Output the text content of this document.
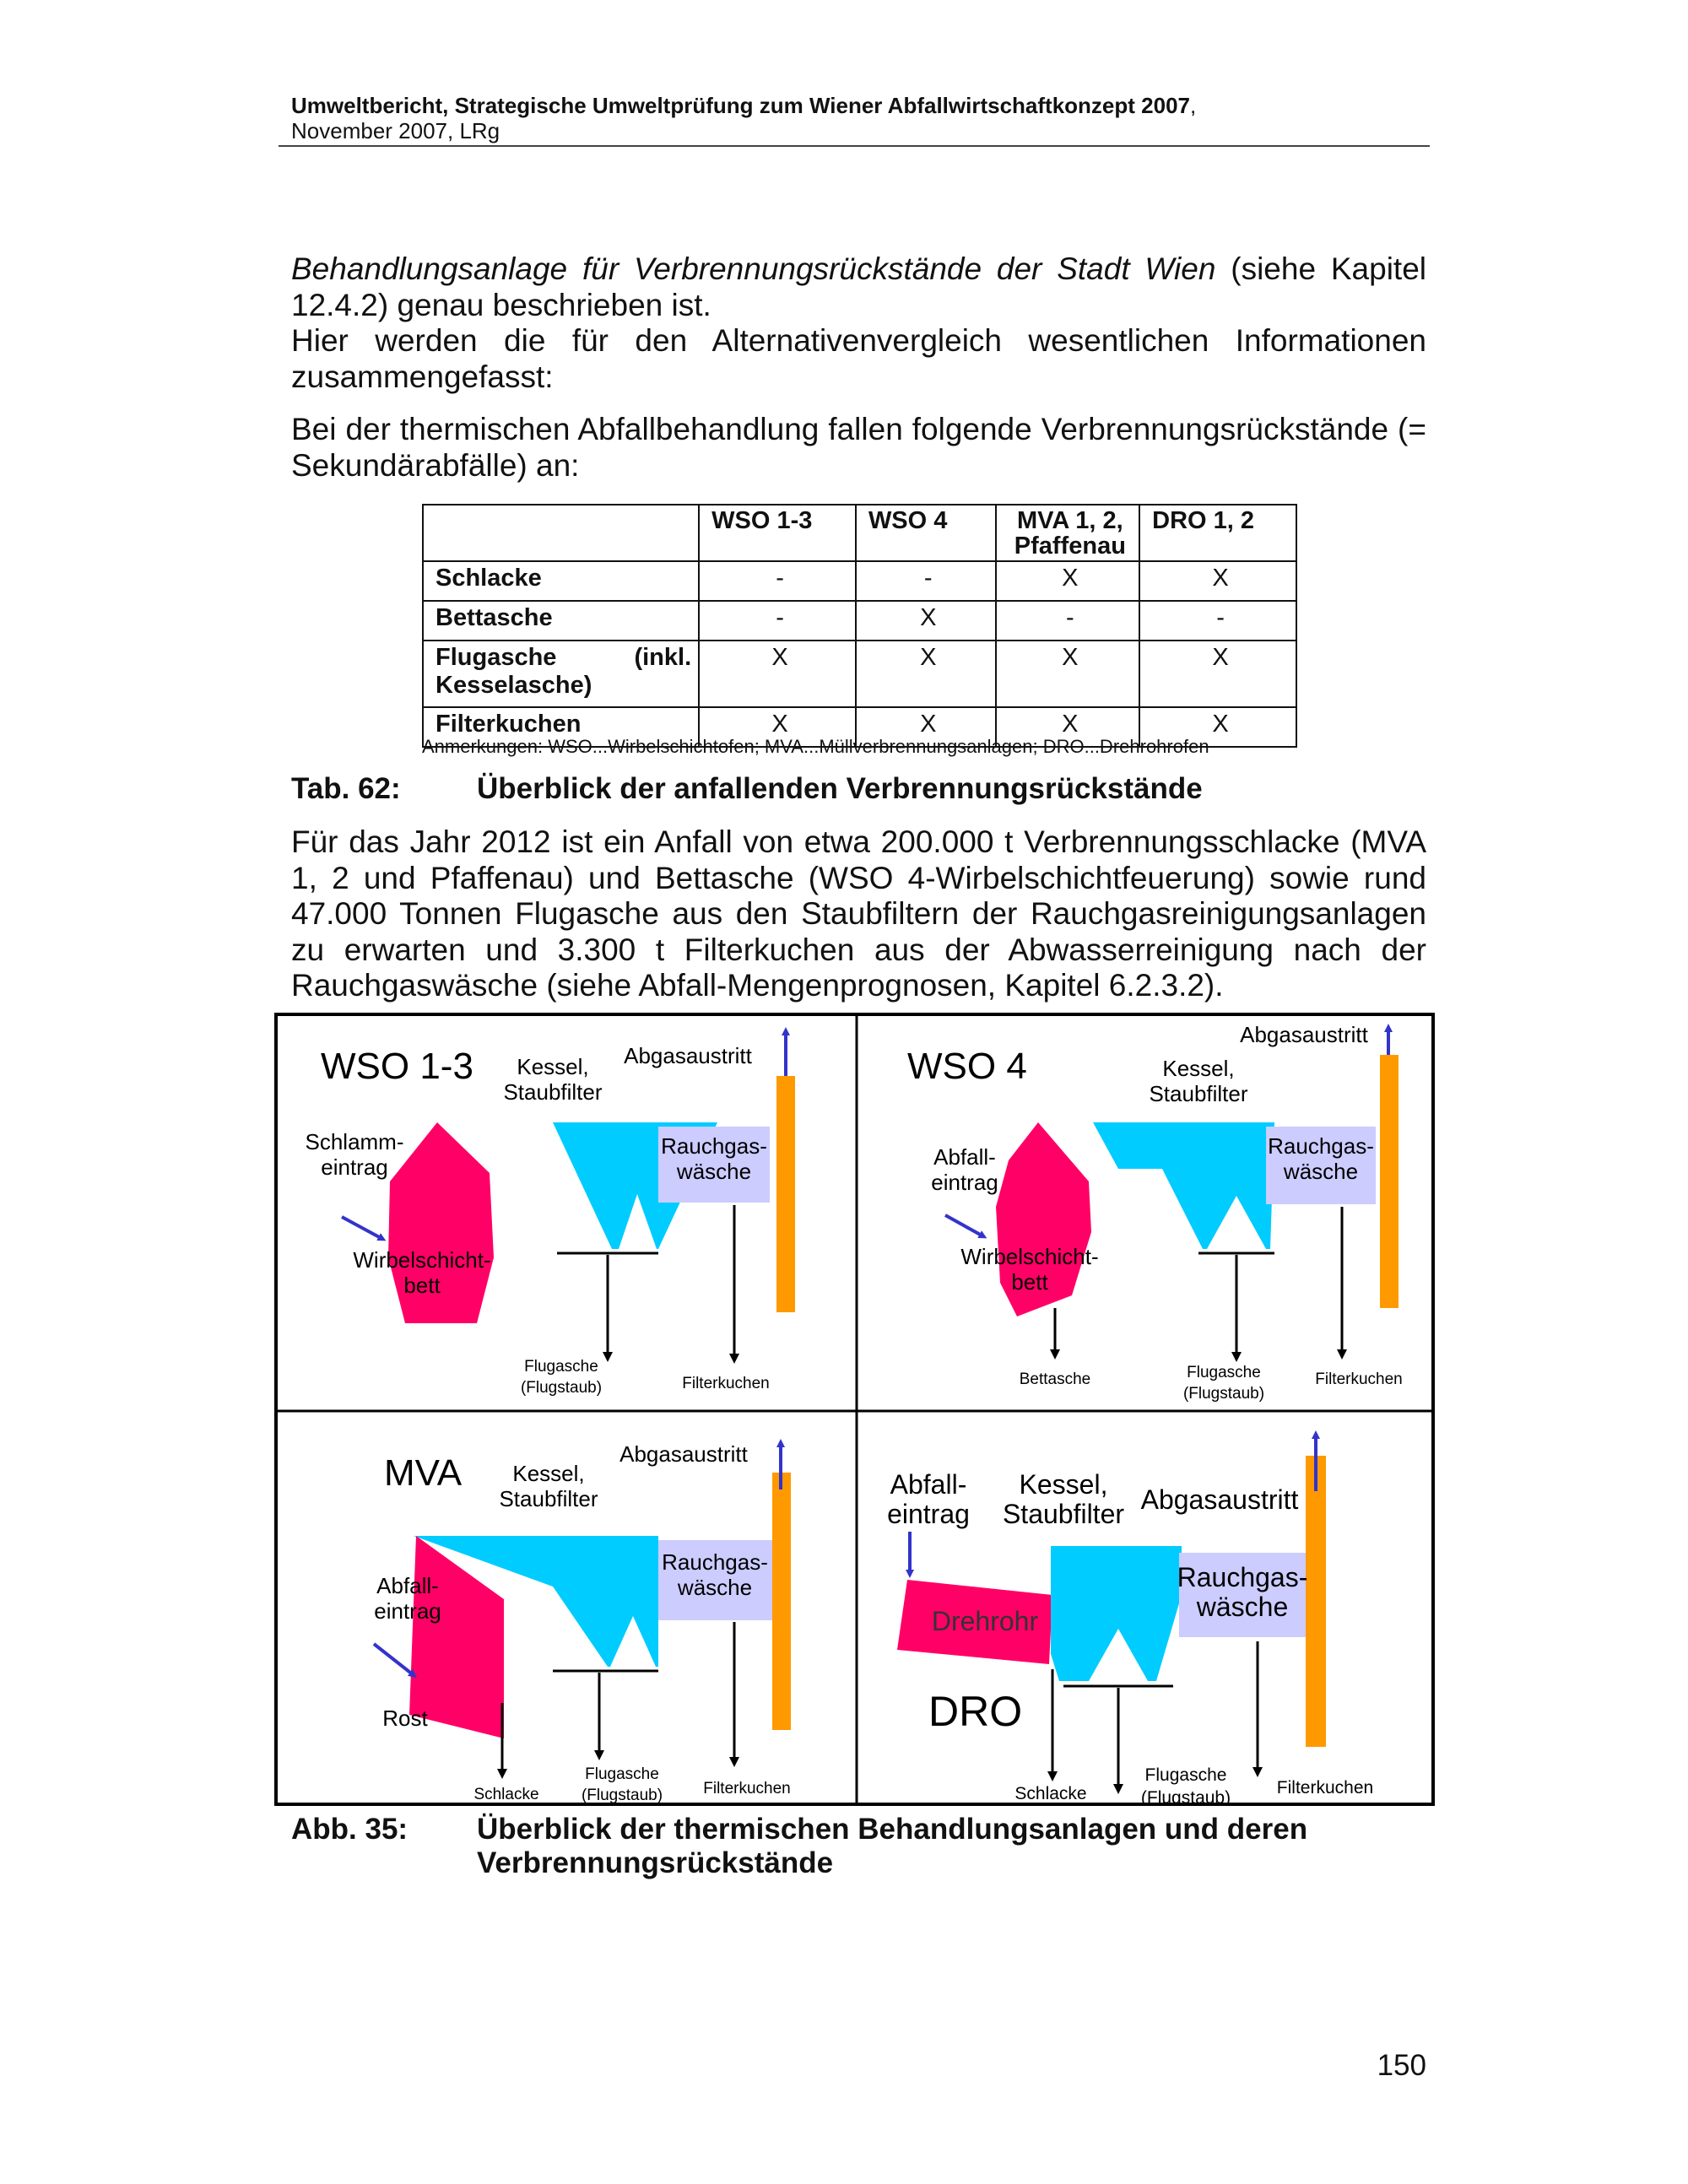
Umweltbericht, Strategische Umweltprüfung zum Wiener Abfallwirtschaftkonzept 2007,
November 2007, LRg
Behandlungsanlage für Verbrennungsrückstände der Stadt Wien (siehe Kapitel 12.4.2) genau beschrieben ist.
Hier werden die für den Alternativenvergleich wesentlichen Informationen zusammengefasst:
Bei der thermischen Abfallbehandlung fallen folgende Verbrennungsrückstände (= Sekundärabfälle) an:
	WSO 1-3	WSO 4	MVA 1, 2, Pfaffenau	DRO 1, 2
Schlacke	-	-	X	X
Bettasche	-	X	-	-
Flugasche (inkl. Kesselasche)	X	X	X	X
Filterkuchen	X	X	X	X
Anmerkungen: WSO...Wirbelschichtofen; MVA...Müllverbrennungsanlagen; DRO...Drehrohrofen
Tab. 62:	Überblick der anfallenden Verbrennungsrückstände
Für das Jahr 2012 ist ein Anfall von etwa 200.000 t Verbrennungsschlacke (MVA 1, 2 und Pfaffenau) und Bettasche (WSO 4-Wirbelschichtfeuerung) sowie rund 47.000 Tonnen Flugasche aus den Staubfiltern der Rauchgasreinigungsanlagen zu erwarten und 3.300 t Filterkuchen aus der Abwasserreinigung nach der Rauchgaswäsche (siehe Abfall-Mengenprognosen, Kapitel 6.2.3.2).
WSO 1-3 Kessel,
Staubfilter
Abgasaustritt
Rauchgas-
wäsche
Schlamm-
eintrag
Wirbelschicht-
bett
Flugasche
(Flugstaub)	Filterkuchen
WSO 4	Kessel,
Staubfilter
Abgasaustritt
Rauchgas-
wäsche
Abfall-
eintrag
Wirbelschicht-
bett
Bettasche	Flugasche
(Flugstaub)
Filterkuchen
MVA Kessel,
Staubfilter
Abgasaustritt
Rauchgas-
wäsche
Abfall-
eintrag
Rost
Schlacke
Flugasche
(Flugstaub)	Filterkuchen
Abfall-
eintrag
Kessel,
Staubfilter Abgasaustritt
Drehrohr
Rauchgas-
wäsche
Schlacke
Flugasche
(Flugstaub)
Filterkuchen
DRO
Abb. 35: Überblick der thermischen Behandlungsanlagen und deren
Verbrennungsrückstände
150
